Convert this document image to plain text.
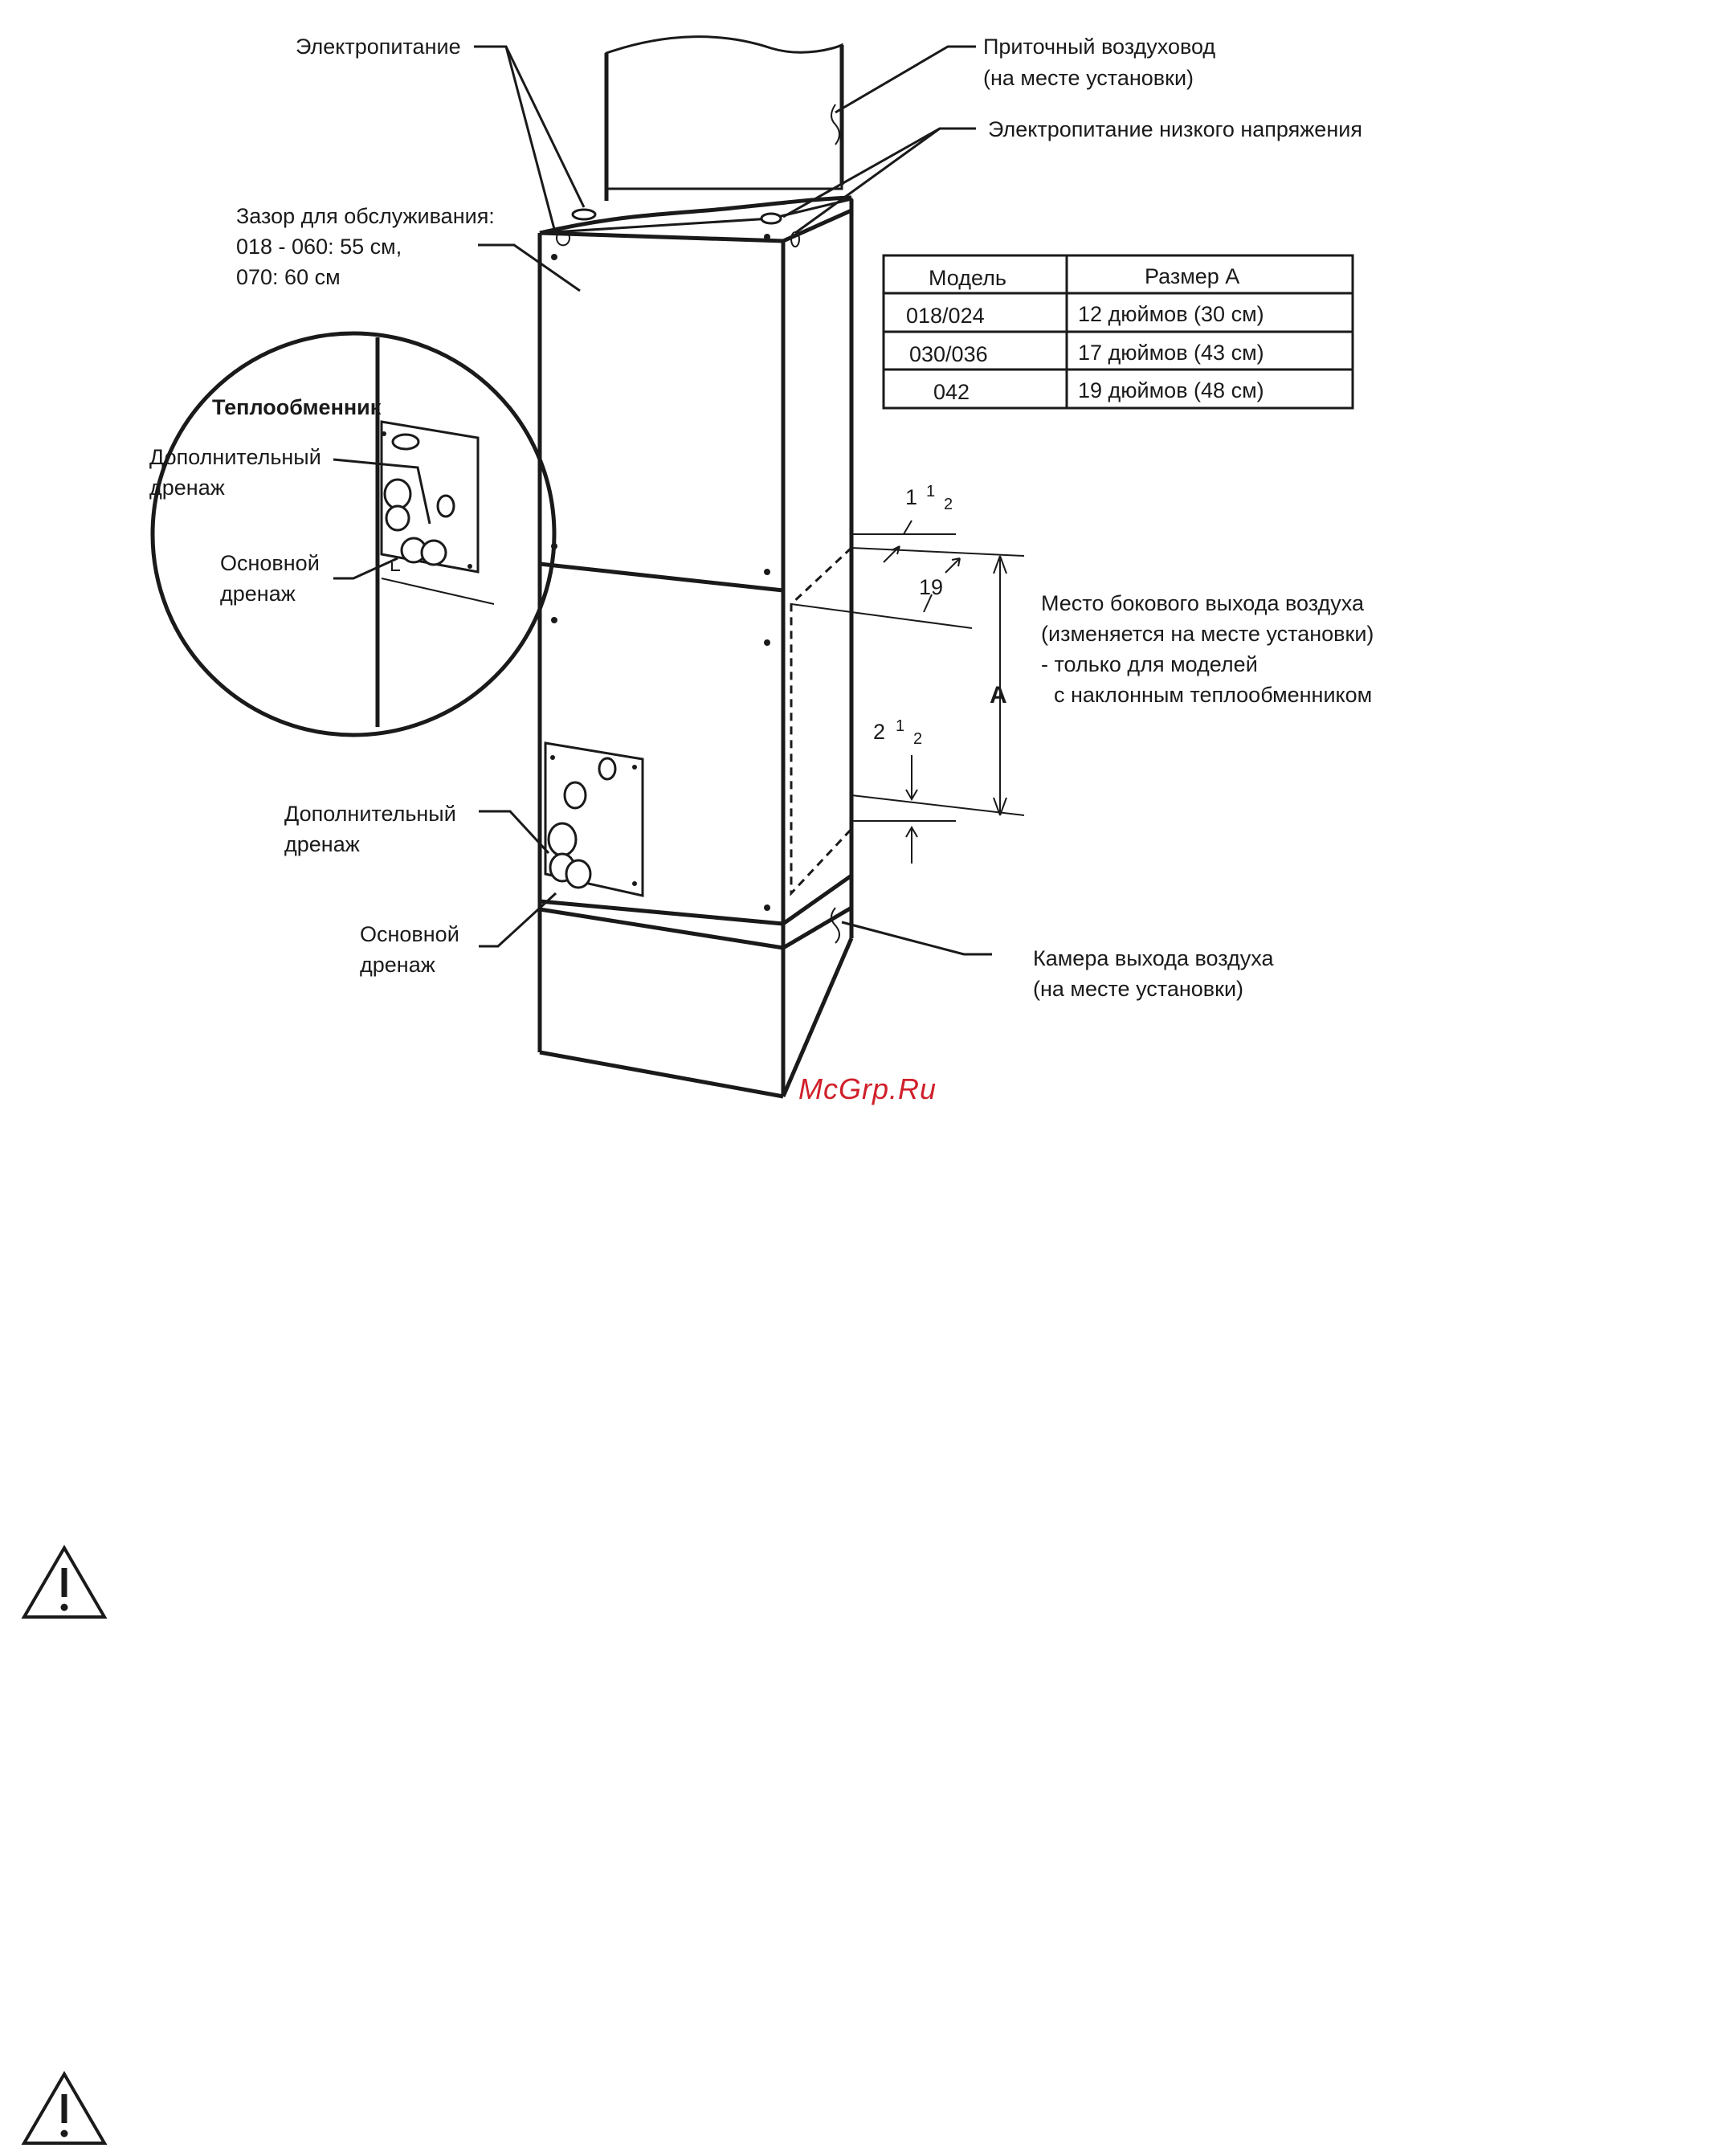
Электропитание	Приточный воздуховод
(на месте установки)
Электропитание низкого напряжения
Зазор для обслуживания:
018 - 060: 55 см,
070: 60 см
Теплообменник
Дополнительный
дренаж
Основной
дренаж
Дополнительный
дренаж
Основной
дренаж
Место бокового выхода воздуха
(изменяется на месте установки)
- только для моделей
с наклонным теплообменником
Камера выхода воздуха
(на месте установки)
1 1
2
19
2 1
2
A
Модель	Размер A
018/024	12 дюймов (30 см)
030/036	17 дюймов (43 см)
042	19 дюймов (48 см)
McGrp.Ru
